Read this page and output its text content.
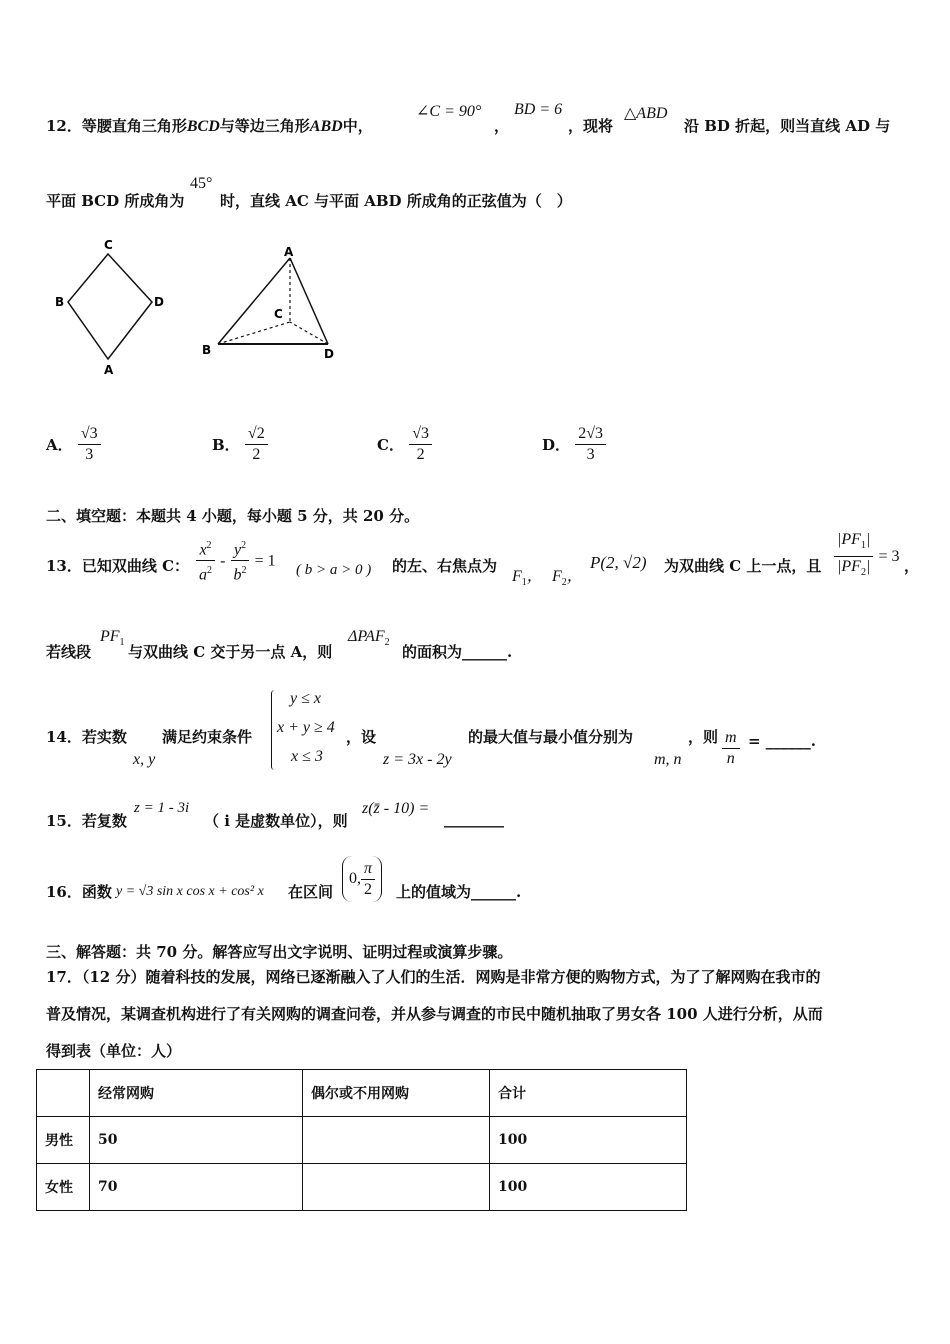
12．等腰直角三角形BCD与等边三角形ABD中，
∠C = 90°
，
BD = 6
，现将
△ABD
沿 BD 折起，则当直线 AD 与
平面 BCD 所成角为
45°
时，直线 AC 与平面 ABD 所成角的正弦值为（　）
C
B	D
A
A
C
B	D
A． $\frac{√3}{3}$	B． $\frac{√2}{2}$	C． $\frac{√3}{2}$	D． $\frac{2√3}{3}$
二、填空题：本题共 4 小题，每小题 5 分，共 20 分。
13．已知双曲线 C： $\frac{x^2}{a^2} - \frac{y^2}{b^2} = 1$
( b > a > 0 ) 的左、右焦点为
$F_1$， $F_2$，
P(2, √2) 为双曲线 C 上一点，且 $\frac{|PF_1|}{|PF_2|} = 3$
，
若线段
$PF_1$
与双曲线 C 交于另一点 A，则
$\Delta PAF_2$
的面积为______.
14．若实数
x, y
满足约束条件
y ≤ x
x + y ≥ 4
x ≤ 3
，设
z = 3x - 2y
的最大值与最小值分别为
m, n
，则 $\frac{m}{n}$ = ______.
15．若复数
z = 1 - 3i
（ i 是虚数单位），则
z(z̄ - 10) =
________
16．函数 y = √3 sin x cos x + cos² x 在区间
0, $\frac{\pi}{2}$ 上的值域为______.
三、解答题：共 70 分。解答应写出文字说明、证明过程或演算步骤。
17．（12 分）随着科技的发展，网络已逐渐融入了人们的生活．网购是非常方便的购物方式，为了了解网购在我市的
普及情况，某调查机构进行了有关网购的调查问卷，并从参与调查的市民中随机抽取了男女各 100 人进行分析，从而
得到表（单位：人）
	经常网购	偶尔或不用网购	合计
男性	50		100
女性	70		100
